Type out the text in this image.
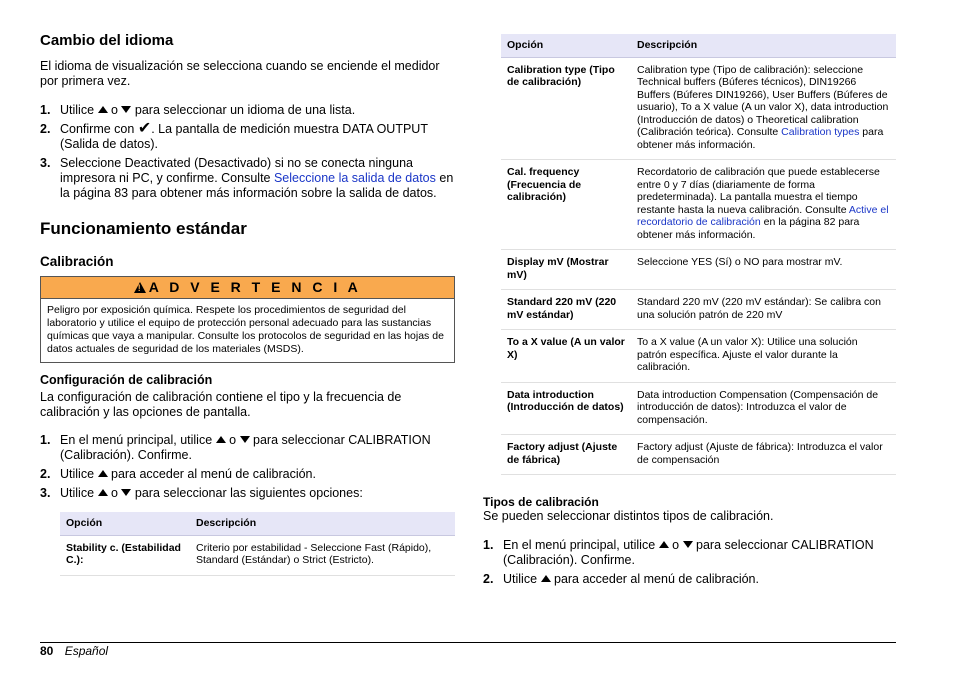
Cambio del idioma

El idioma de visualización se selecciona cuando se enciende el medidor por primera vez.

1. Utilice  o  para seleccionar un idioma de una lista.
2. Confirme con ✔. La pantalla de medición muestra DATA OUTPUT (Salida de datos).
3. Seleccione Deactivated (Desactivado) si no se conecta ninguna impresora ni PC, y confirme. Consulte Seleccione la salida de datos en la página 83 para obtener más información sobre la salida de datos.
Funcionamiento estándar
Calibración
!A D V E R T E N C I A
Peligro por exposición química. Respete los procedimientos de seguridad del laboratorio y utilice el equipo de protección personal adecuado para las sustancias químicas que vaya a manipular. Consulte los protocolos de seguridad en las hojas de datos actuales de seguridad de los materiales (MSDS).
Configuración de calibración

La configuración de calibración contiene el tipo y la frecuencia de calibración y las opciones de pantalla.

1. En el menú principal, utilice  o  para seleccionar CALIBRATION (Calibración). Confirme.
2. Utilice  para acceder al menú de calibración.
3. Utilice  o  para seleccionar las siguientes opciones:
Opción	Descripción
Stability c. (Estabilidad C.):	Criterio por estabilidad - Seleccione Fast (Rápido), Standard (Estándar) o Strict (Estricto).
Opción	Descripción
Calibration type (Tipo de calibración)	Calibration type (Tipo de calibración): seleccione Technical buffers (Búferes técnicos), DIN19266 Buffers (Búferes DIN19266), User Buffers (Búferes de usuario), To a X value (A un valor X), data introduction (Introducción de datos) o Theoretical calibration (Calibración teórica). Consulte Calibration types para obtener más información.
Cal. frequency (Frecuencia de calibración)	Recordatorio de calibración que puede establecerse entre 0 y 7 días (diariamente de forma predeterminada). La pantalla muestra el tiempo restante hasta la nueva calibración. Consulte Active el recordatorio de calibración en la página 82 para obtener más información.
Display mV (Mostrar mV)	Seleccione YES (Sí) o NO para mostrar mV.
Standard 220 mV (220 mV estándar)	Standard 220 mV (220 mV estándar): Se calibra con una solución patrón de 220 mV
To a X value (A un valor X)	To a X value (A un valor X): Utilice una solución patrón específica. Ajuste el valor durante la calibración.
Data introduction (Introducción de datos)	Data introduction Compensation (Compensación de introducción de datos): Introduzca el valor de compensación.
Factory adjust (Ajuste de fábrica)	Factory adjust (Ajuste de fábrica): Introduzca el valor de compensación
Tipos de calibración

Se pueden seleccionar distintos tipos de calibración.

1. En el menú principal, utilice  o  para seleccionar CALIBRATION (Calibración). Confirme.
2. Utilice  para acceder al menú de calibración.
80 Español
